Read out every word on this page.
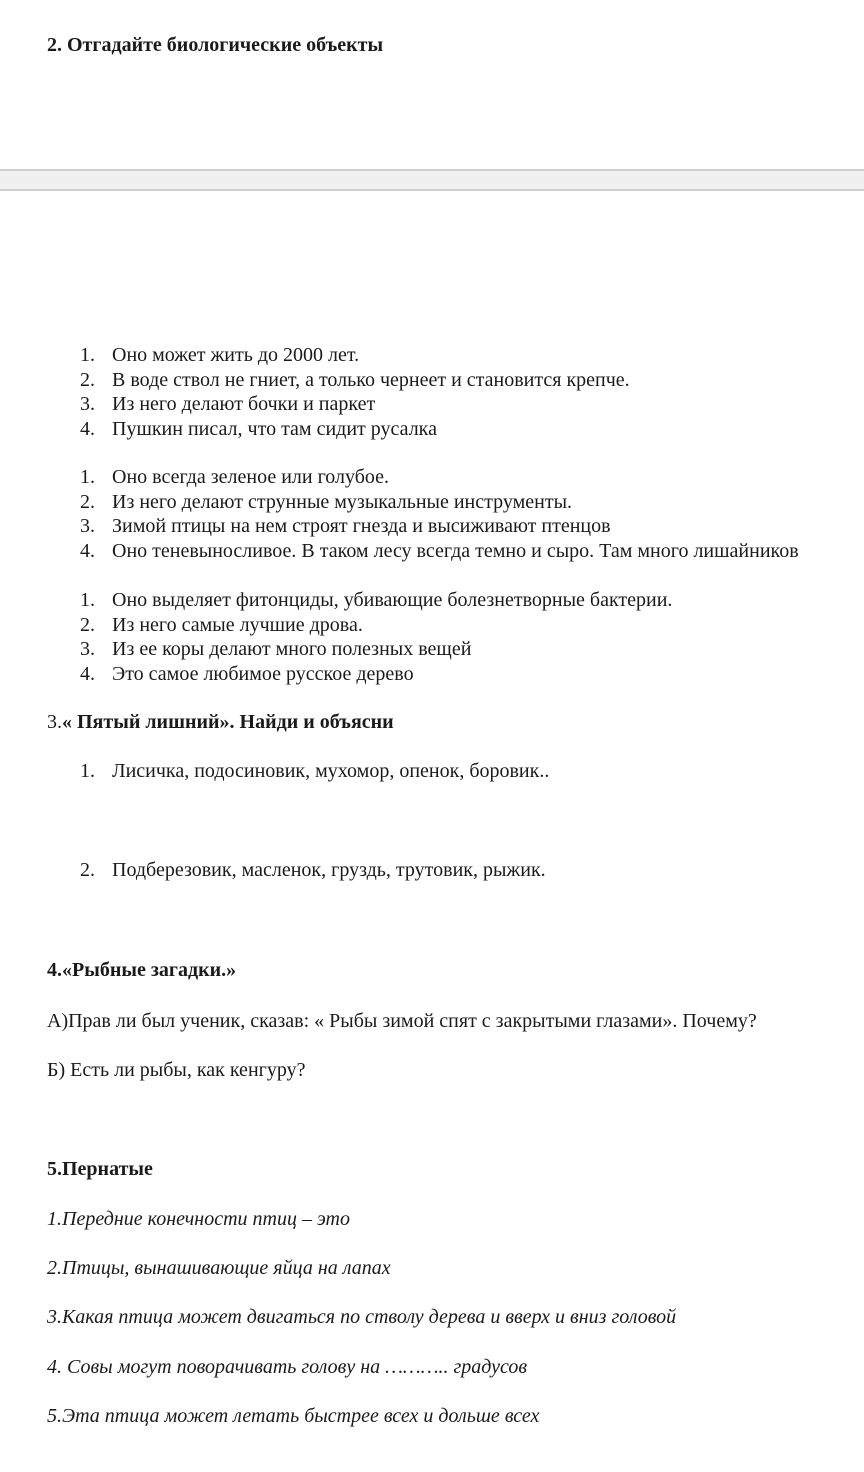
2. Отгадайте биологические объекты
1. Оно может жить до 2000 лет.
2. В воде ствол не гниет, а только чернеет и становится крепче.
3. Из него делают бочки и паркет
4. Пушкин писал, что там сидит русалка
1. Оно всегда зеленое или голубое.
2. Из него делают струнные музыкальные инструменты.
3. Зимой птицы на нем строят гнезда и высиживают птенцов
4. Оно теневыносливое. В таком лесу всегда темно и сыро. Там много лишайников
1. Оно выделяет фитонциды, убивающие болезнетворные бактерии.
2. Из него самые лучшие дрова.
3. Из ее коры делают много полезных вещей
4. Это самое любимое русское дерево
3.« Пятый лишний». Найди и объясни
1. Лисичка, подосиновик, мухомор, опенок, боровик..
2. Подберезовик, масленок, груздь, трутовик, рыжик.
4.«Рыбные загадки.»
А)Прав ли был ученик, сказав: « Рыбы зимой спят с закрытыми глазами». Почему?
Б) Есть ли рыбы, как кенгуру?
5.Пернатые
1.Передние конечности птиц – это
2.Птицы, вынашивающие яйца на лапах
3.Какая птица может двигаться по стволу дерева и вверх и вниз головой
4. Совы могут поворачивать голову на ……….. градусов
5.Эта птица может летать быстрее всех и дольше всех
